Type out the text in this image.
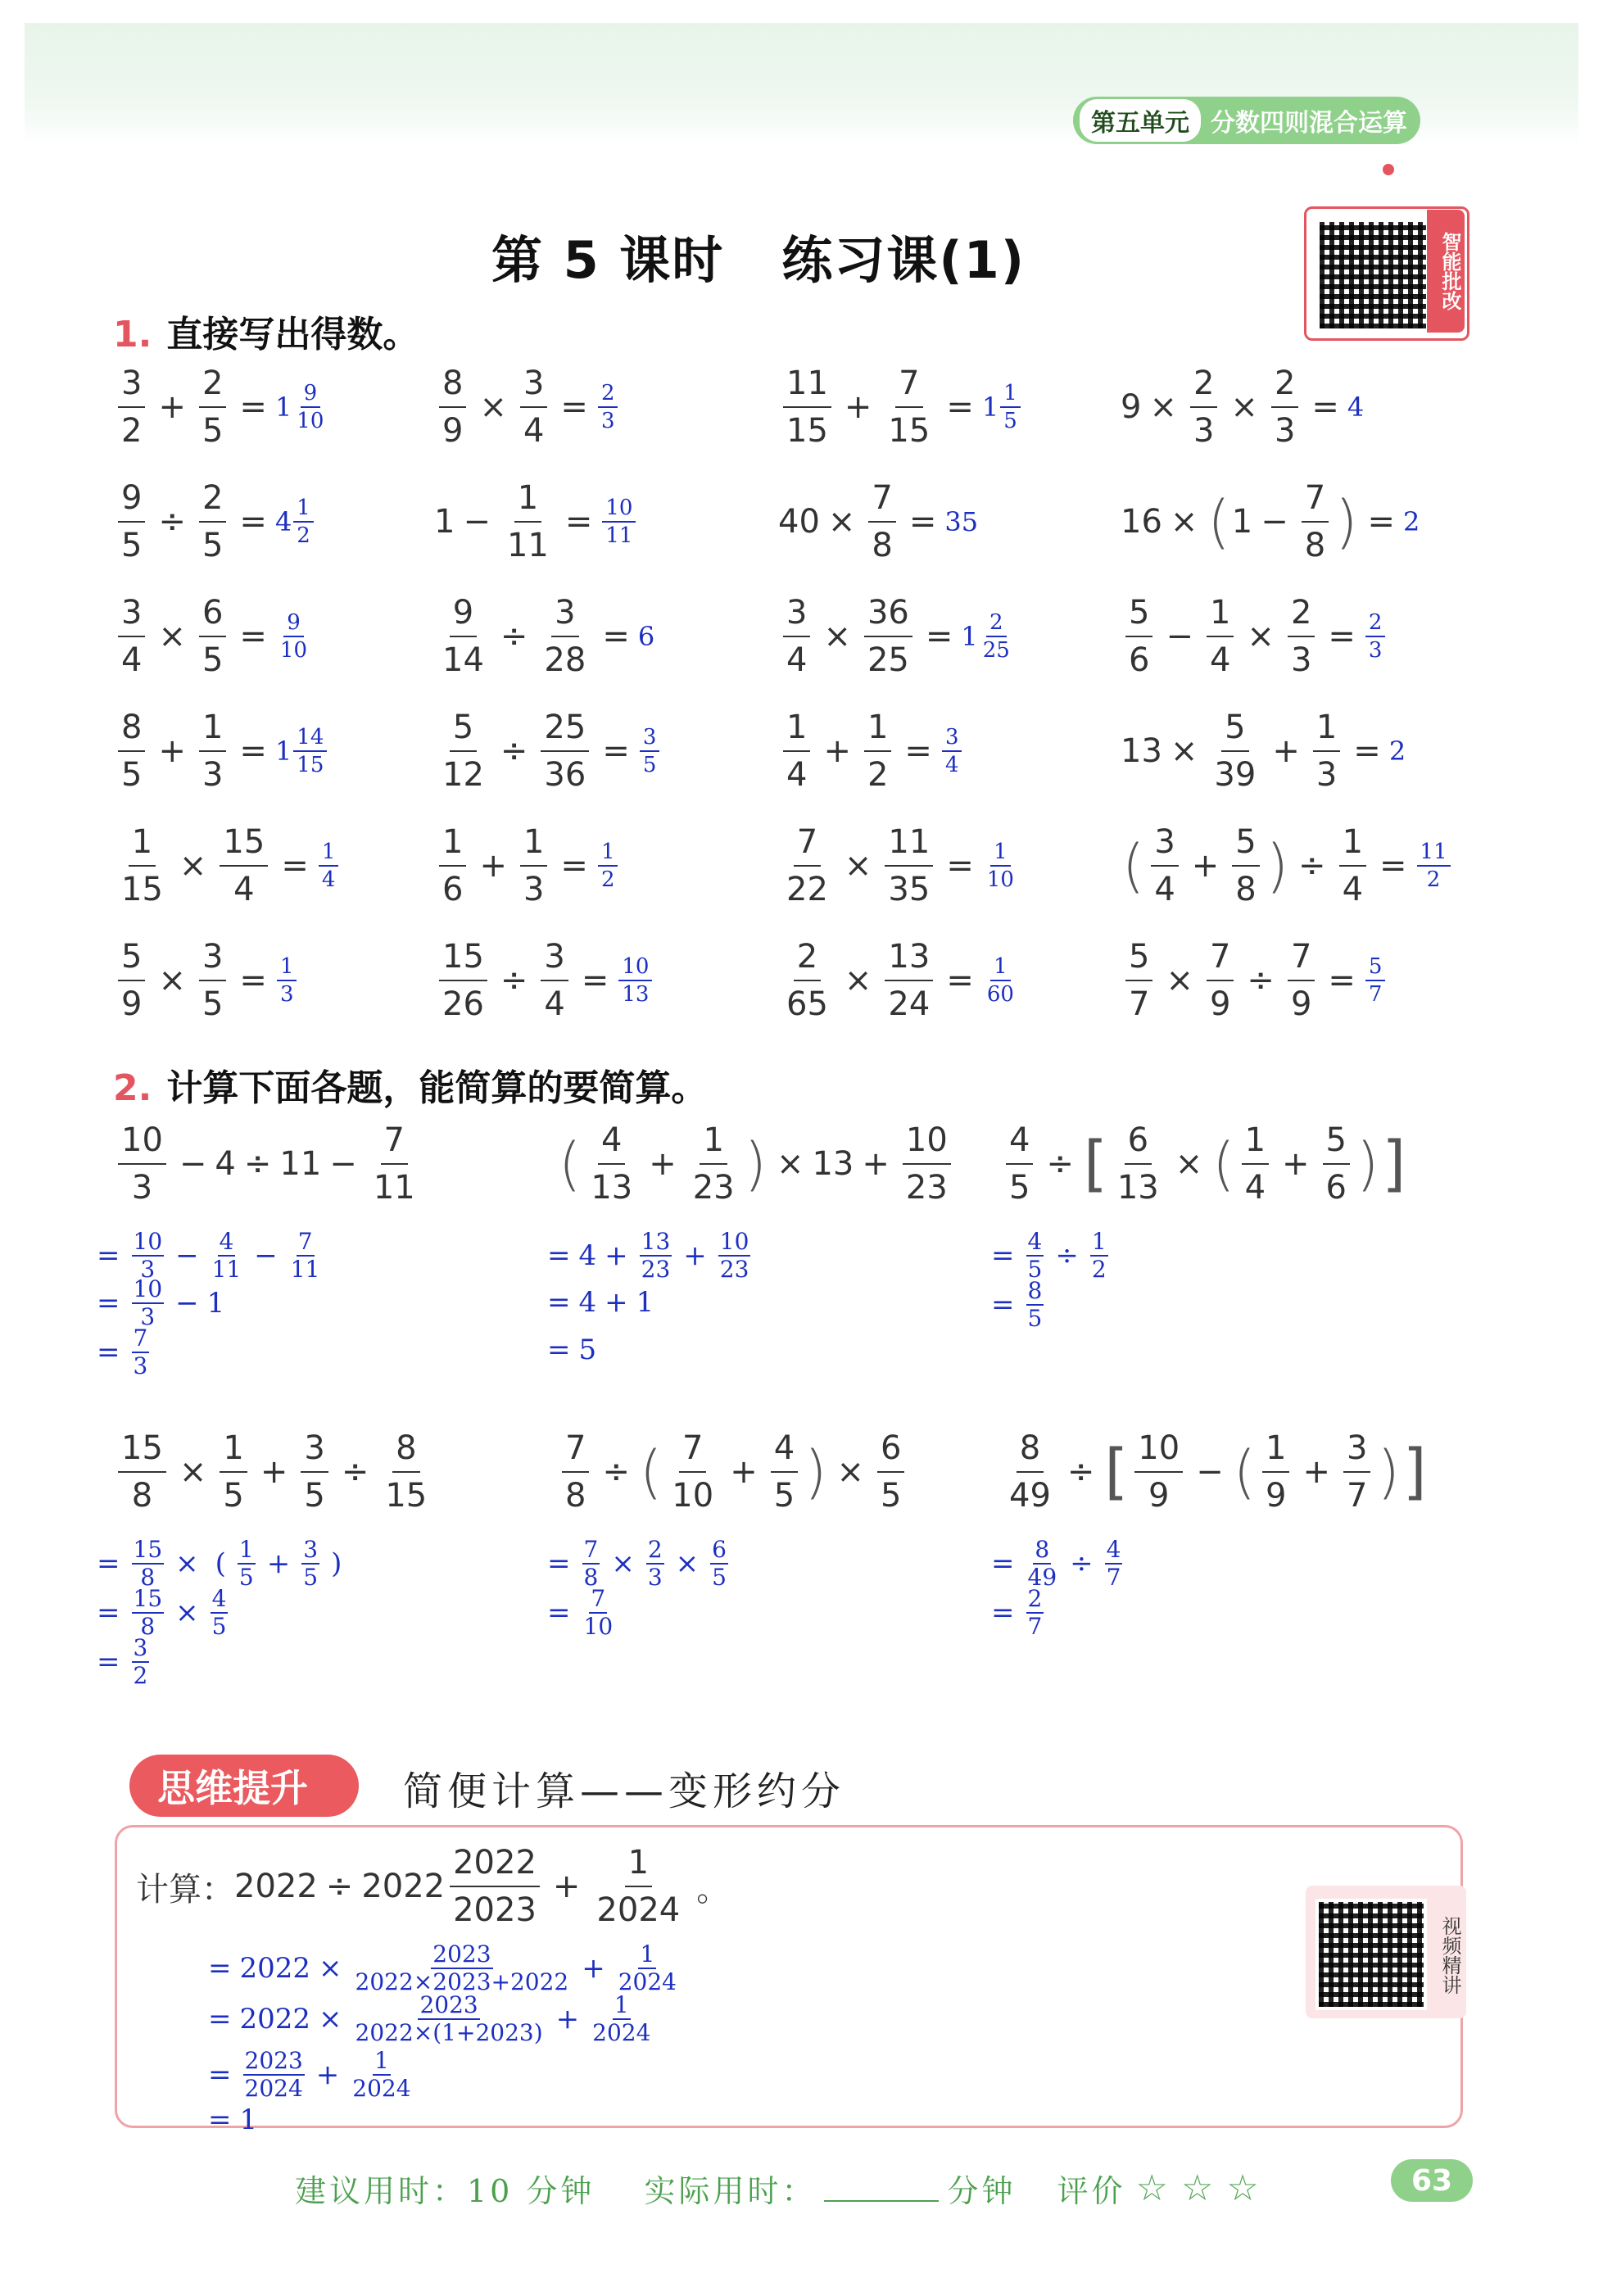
第五单元 分数四则混合运算
第 5 课时 练习课(1)	智能批改
1. 直接写出得数。
$\frac{3}{2} + \frac{2}{5} = 1 \frac{9}{10}$	$\frac{8}{9} \times \frac{3}{4} = \frac{2}{3}$	$\frac{11}{15} + \frac{7}{15} = 1 \frac{1}{5}$	$9 \times \frac{2}{3} \times \frac{2}{3} = 4$
$\frac{9}{5} \div \frac{2}{5} = 4 \frac{1}{2}$	$1 - \frac{1}{11} = \frac{10}{11}$	$40 \times \frac{7}{8} = 35$	16 × ( $1 - \frac{7}{8}$ ) = 2
$\frac{3}{4} \times \frac{6}{5} = \frac{9}{10}$	$\frac{9}{14} \div \frac{3}{28} = 6$	$\frac{3}{4} \times \frac{36}{25} = 1 \frac{2}{25}$	$\frac{5}{6} - \frac{1}{4} \times \frac{2}{3} = \frac{2}{3}$
$\frac{8}{5} + \frac{1}{3} = 1 \frac{14}{15}$	$\frac{5}{12} \div \frac{25}{36} = \frac{3}{5}$	$\frac{1}{4} + \frac{1}{2} = \frac{3}{4}$	$13 \times \frac{5}{39} + \frac{1}{3} = 2$
$\frac{1}{15} \times \frac{15}{4} = \frac{1}{4}$	$\frac{1}{6} + \frac{1}{3} = \frac{1}{2}$	$\frac{7}{22} \times \frac{11}{35} = \frac{1}{10}$ ( $\frac{3}{4} + \frac{5}{8}$ ) ÷ $\frac{1}{4} = \frac{11}{2}$
$\frac{5}{9} \times \frac{3}{5} = \frac{1}{3}$	$\frac{15}{26} \div \frac{3}{4} = \frac{10}{13}$	$\frac{2}{65} \times \frac{13}{24} = \frac{1}{60}$	$\frac{5}{7} \times \frac{7}{9} \div \frac{7}{9} = \frac{5}{7}$
2. 计算下面各题，能简算的要简算。
$\frac{10}{3} - 4 \div 11 - \frac{7}{11}$
= $\frac{10}{3} - \frac{4}{11} - \frac{7}{11}$
= $\frac{10}{3} - 1$
= $\frac{7}{3}$
( $\frac{4}{13} + \frac{1}{23}$ ) × $13 + \frac{10}{23}$
= $4 + \frac{13}{23} + \frac{10}{23}$
= 4 + 1
= 5
$\frac{4}{5}$ ÷ [ $\frac{6}{13}$ × ( $\frac{1}{4} + \frac{5}{6}$ ) ]
= $\frac{4}{5} \div \frac{1}{2}$
= $\frac{8}{5}$
$\frac{15}{8} \times \frac{1}{5} + \frac{3}{5} \div \frac{8}{15}$
= $\frac{15}{8}$ × ( $\frac{1}{5} + \frac{3}{5}$ )
= $\frac{15}{8} \times \frac{4}{5}$
= $\frac{3}{2}$
$\frac{7}{8}$ ÷ ( $\frac{7}{10} + \frac{4}{5}$ ) × $\frac{6}{5}$
= $\frac{7}{8} \times \frac{2}{3} \times \frac{6}{5}$
= $\frac{7}{10}$
$\frac{8}{49}$ ÷ [ $\frac{10}{9}$ − ( $\frac{1}{9} + \frac{3}{7}$ ) ]
= $\frac{8}{49} \div \frac{4}{7}$
= $\frac{2}{7}$
思维提升 简便计算——变形约分
计算： $2022 \div 2022 \frac{2022}{2023} + \frac{1}{2024}$ 。
= $2022 \times \frac{2023}{2022\times 2023+2022} + \frac{1}{2024}$
= $2022 \times \frac{2023}{2022\times(1+2023)} + \frac{1}{2024}$
= $\frac{2023}{2024} + \frac{1}{2024}$
= 1
视频精讲
建议用时：10 分钟 实际用时：	分钟 评价 ☆ ☆ ☆	63
